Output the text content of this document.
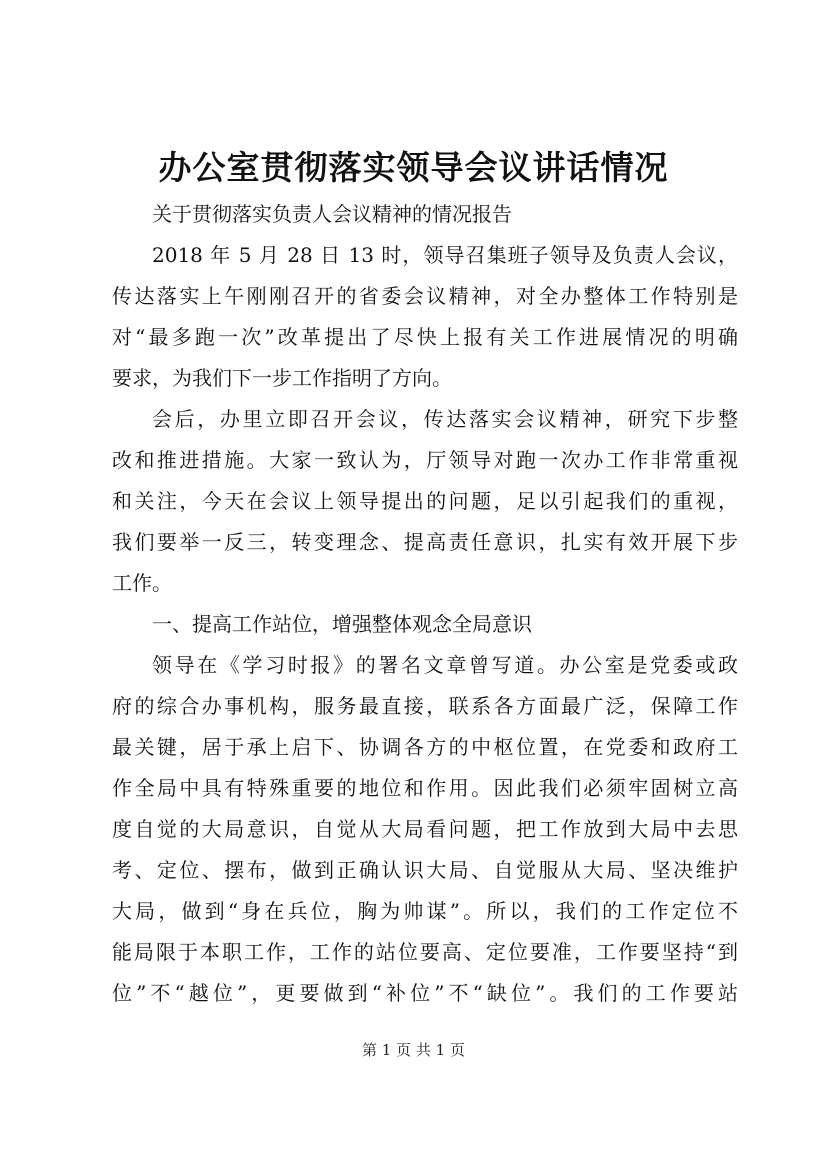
办公室贯彻落实领导会议讲话情况
关于贯彻落实负责人会议精神的情况报告
2018 年 5 月 28 日 13 时，领导召集班子领导及负责人会议，
传达落实上午刚刚召开的省委会议精神，对全办整体工作特别是
对“最多跑一次”改革提出了尽快上报有关工作进展情况的明确
要求，为我们下一步工作指明了方向。
会后，办里立即召开会议，传达落实会议精神，研究下步整
改和推进措施。大家一致认为，厅领导对跑一次办工作非常重视
和关注，今天在会议上领导提出的问题，足以引起我们的重视，
我们要举一反三，转变理念、提高责任意识，扎实有效开展下步
工作。
一、提高工作站位，增强整体观念全局意识
领导在《学习时报》的署名文章曾写道。办公室是党委或政
府的综合办事机构，服务最直接，联系各方面最广泛，保障工作
最关键，居于承上启下、协调各方的中枢位置，在党委和政府工
作全局中具有特殊重要的地位和作用。因此我们必须牢固树立高
度自觉的大局意识，自觉从大局看问题，把工作放到大局中去思
考、定位、摆布，做到正确认识大局、自觉服从大局、坚决维护
大局，做到“身在兵位，胸为帅谋”。所以，我们的工作定位不
能局限于本职工作，工作的站位要高、定位要准，工作要坚持“到
位”不“越位”，更要做到“补位”不“缺位”。我们的工作要站
第 1 页 共 1 页
